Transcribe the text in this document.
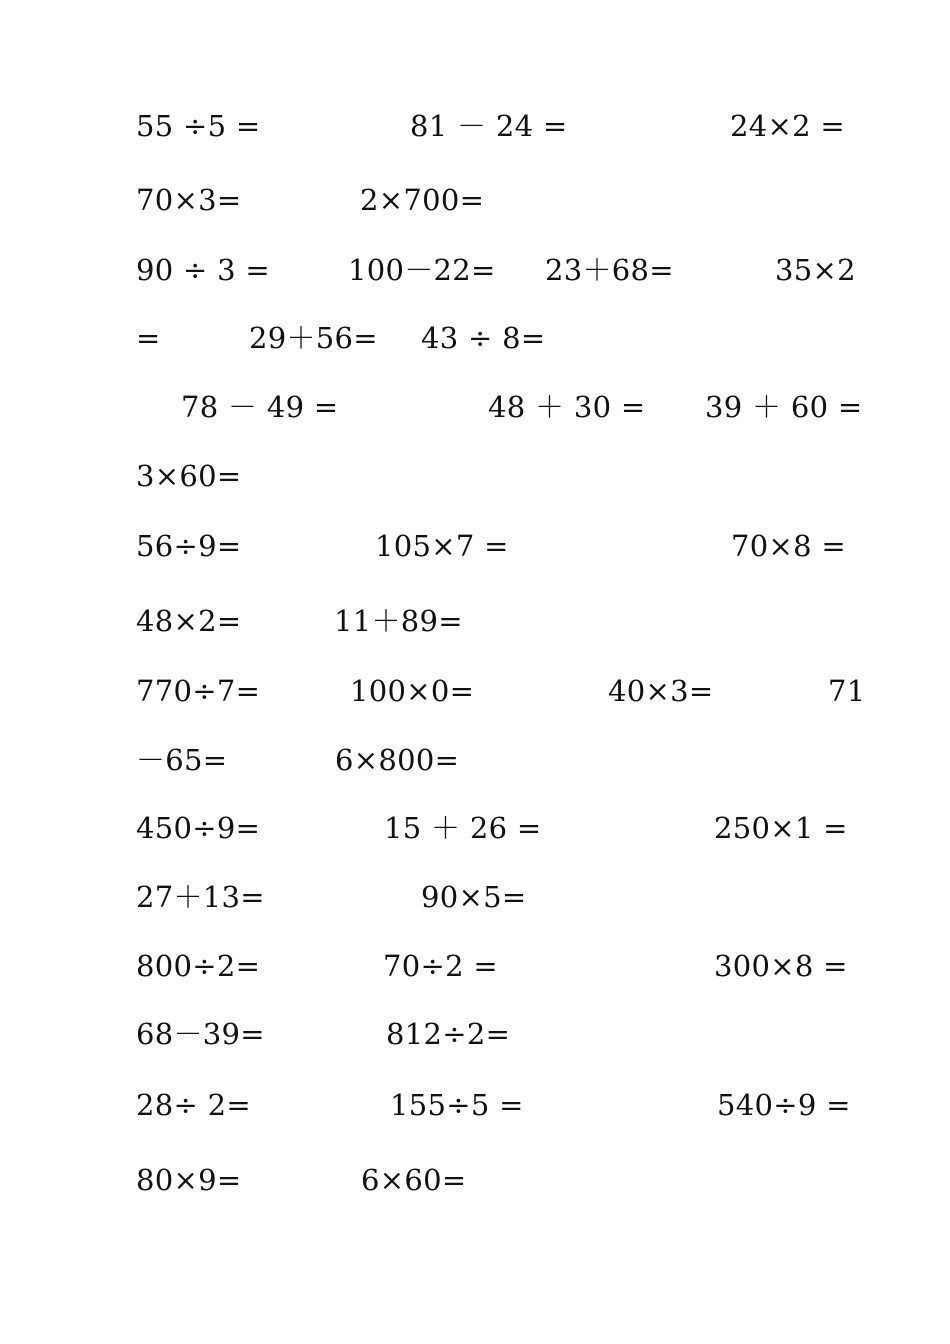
55 ÷5 =	81 － 24 =	24×2 =
70×3=	2×700=
90 ÷ 3 =	100－22= 23＋68=	35×2
=	29＋56= 43 ÷ 8=
78 － 49 =	48 ＋ 30 = 39 ＋ 60 =
3×60=
56÷9=	105×7 =	70×8 =
48×2=	11＋89=
770÷7=	100×0=	40×3=	71
－65=	6×800=
450÷9=	15 ＋ 26 =	250×1 =
27＋13=	90×5=
800÷2=	70÷2 =	300×8 =
68－39=	812÷2=
28÷ 2=	155÷5 =	540÷9 =
80×9=	6×60=
